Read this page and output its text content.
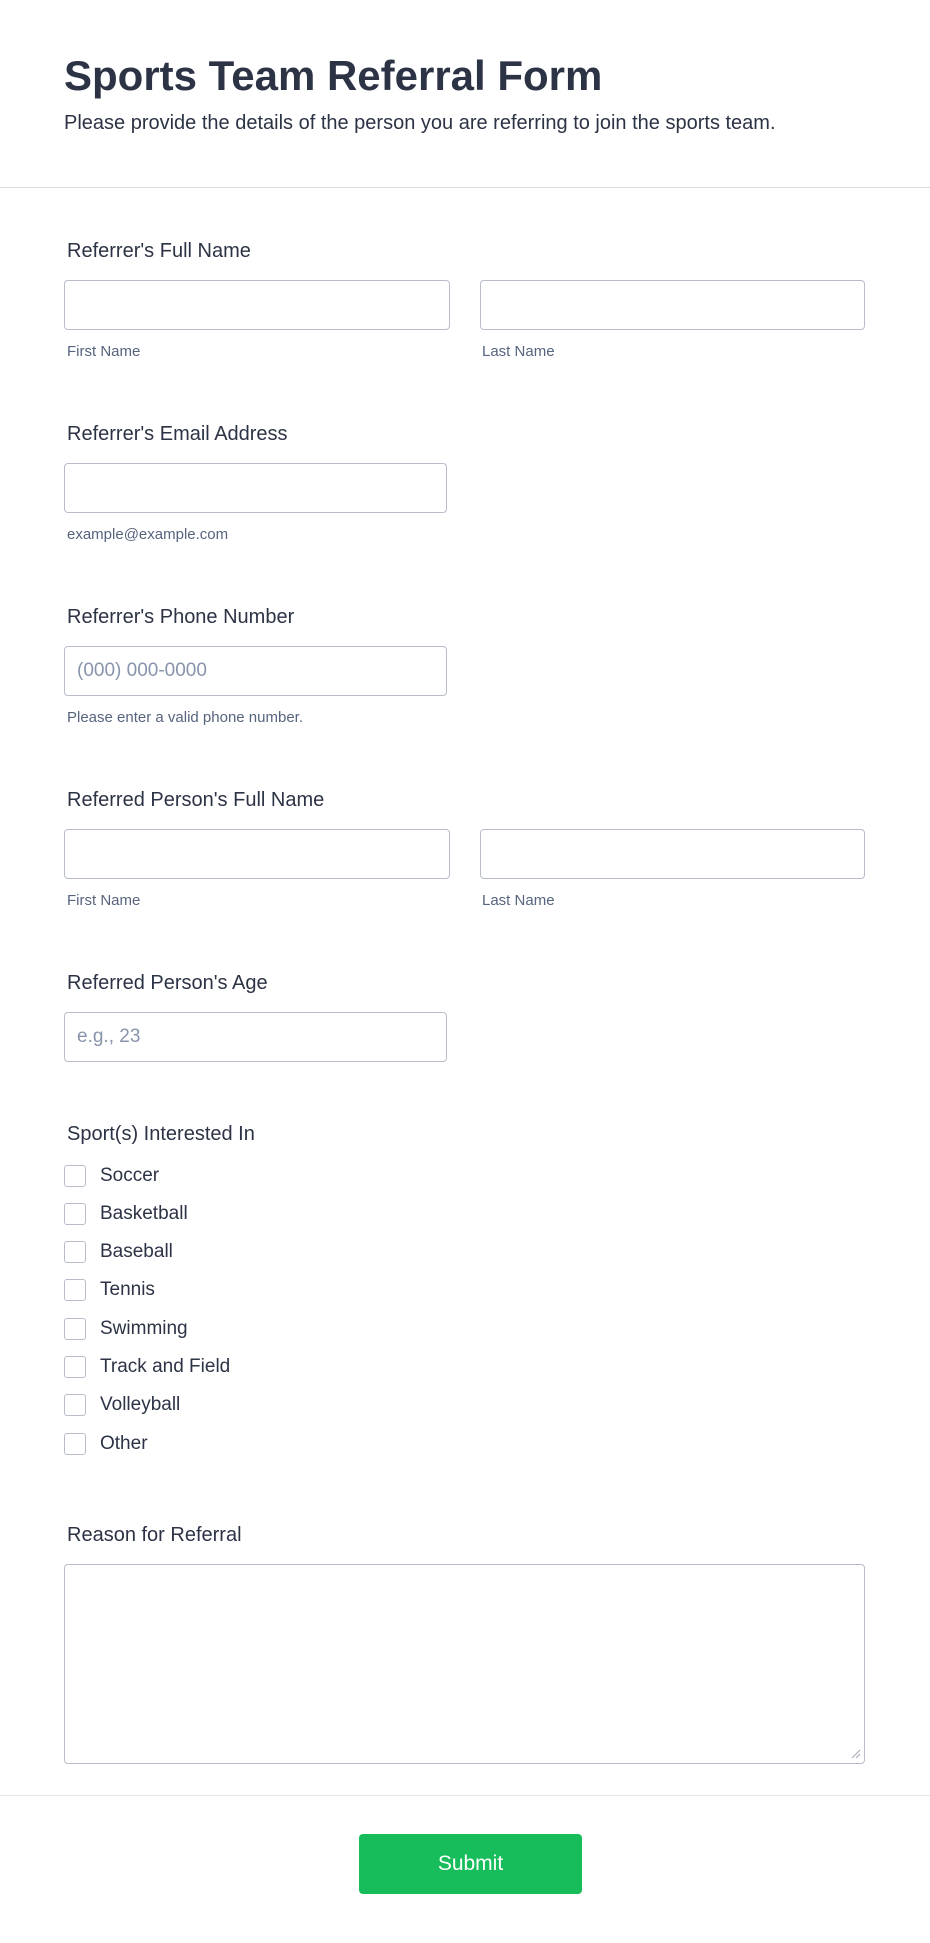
Sports Team Referral Form

Please provide the details of the person you are referring to join the sports team.

Referrer's Full Name
First Name	Last Name
Referrer's Email Address
example@example.com
Referrer's Phone Number
(000) 000-0000
Please enter a valid phone number.
Referred Person's Full Name
First Name	Last Name
Referred Person's Age
e.g., 23
Sport(s) Interested In
Soccer
Basketball
Baseball
Tennis
Swimming
Track and Field
Volleyball
Other
Reason for Referral
Submit
